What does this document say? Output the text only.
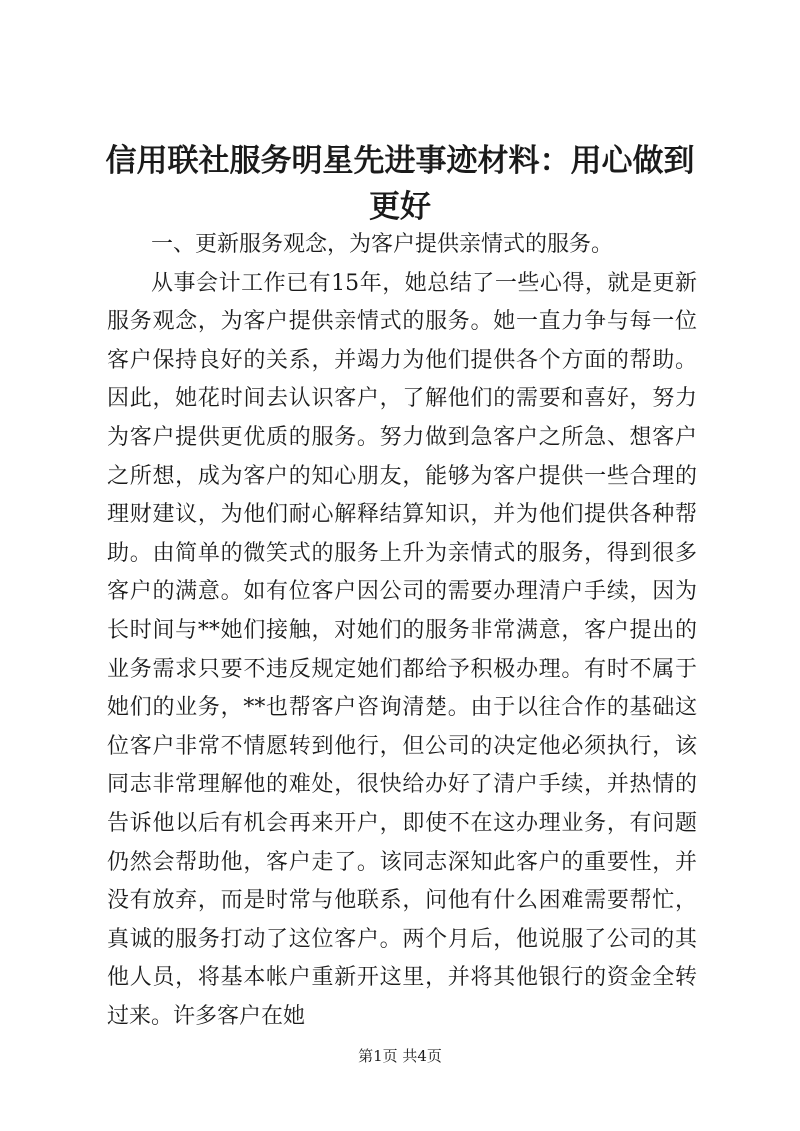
信用联社服务明星先进事迹材料：用心做到更好

一、更新服务观念，为客户提供亲情式的服务。

从事会计工作已有15年，她总结了一些心得，就是更新服务观念，为客户提供亲情式的服务。她一直力争与每一位客户保持良好的关系，并竭力为他们提供各个方面的帮助。因此，她花时间去认识客户，了解他们的需要和喜好，努力为客户提供更优质的服务。努力做到急客户之所急、想客户之所想，成为客户的知心朋友，能够为客户提供一些合理的理财建议，为他们耐心解释结算知识，并为他们提供各种帮助。由简单的微笑式的服务上升为亲情式的服务，得到很多客户的满意。如有位客户因公司的需要办理清户手续，因为长时间与**她们接触，对她们的服务非常满意，客户提出的业务需求只要不违反规定她们都给予积极办理。有时不属于她们的业务，**也帮客户咨询清楚。由于以往合作的基础这位客户非常不情愿转到他行，但公司的决定他必须执行，该同志非常理解他的难处，很快给办好了清户手续，并热情的告诉他以后有机会再来开户，即使不在这办理业务，有问题仍然会帮助他，客户走了。该同志深知此客户的重要性，并没有放弃，而是时常与他联系，问他有什么困难需要帮忙，真诚的服务打动了这位客户。两个月后，他说服了公司的其他人员，将基本帐户重新开这里，并将其他银行的资金全转过来。许多客户在她

第1页 共4页
